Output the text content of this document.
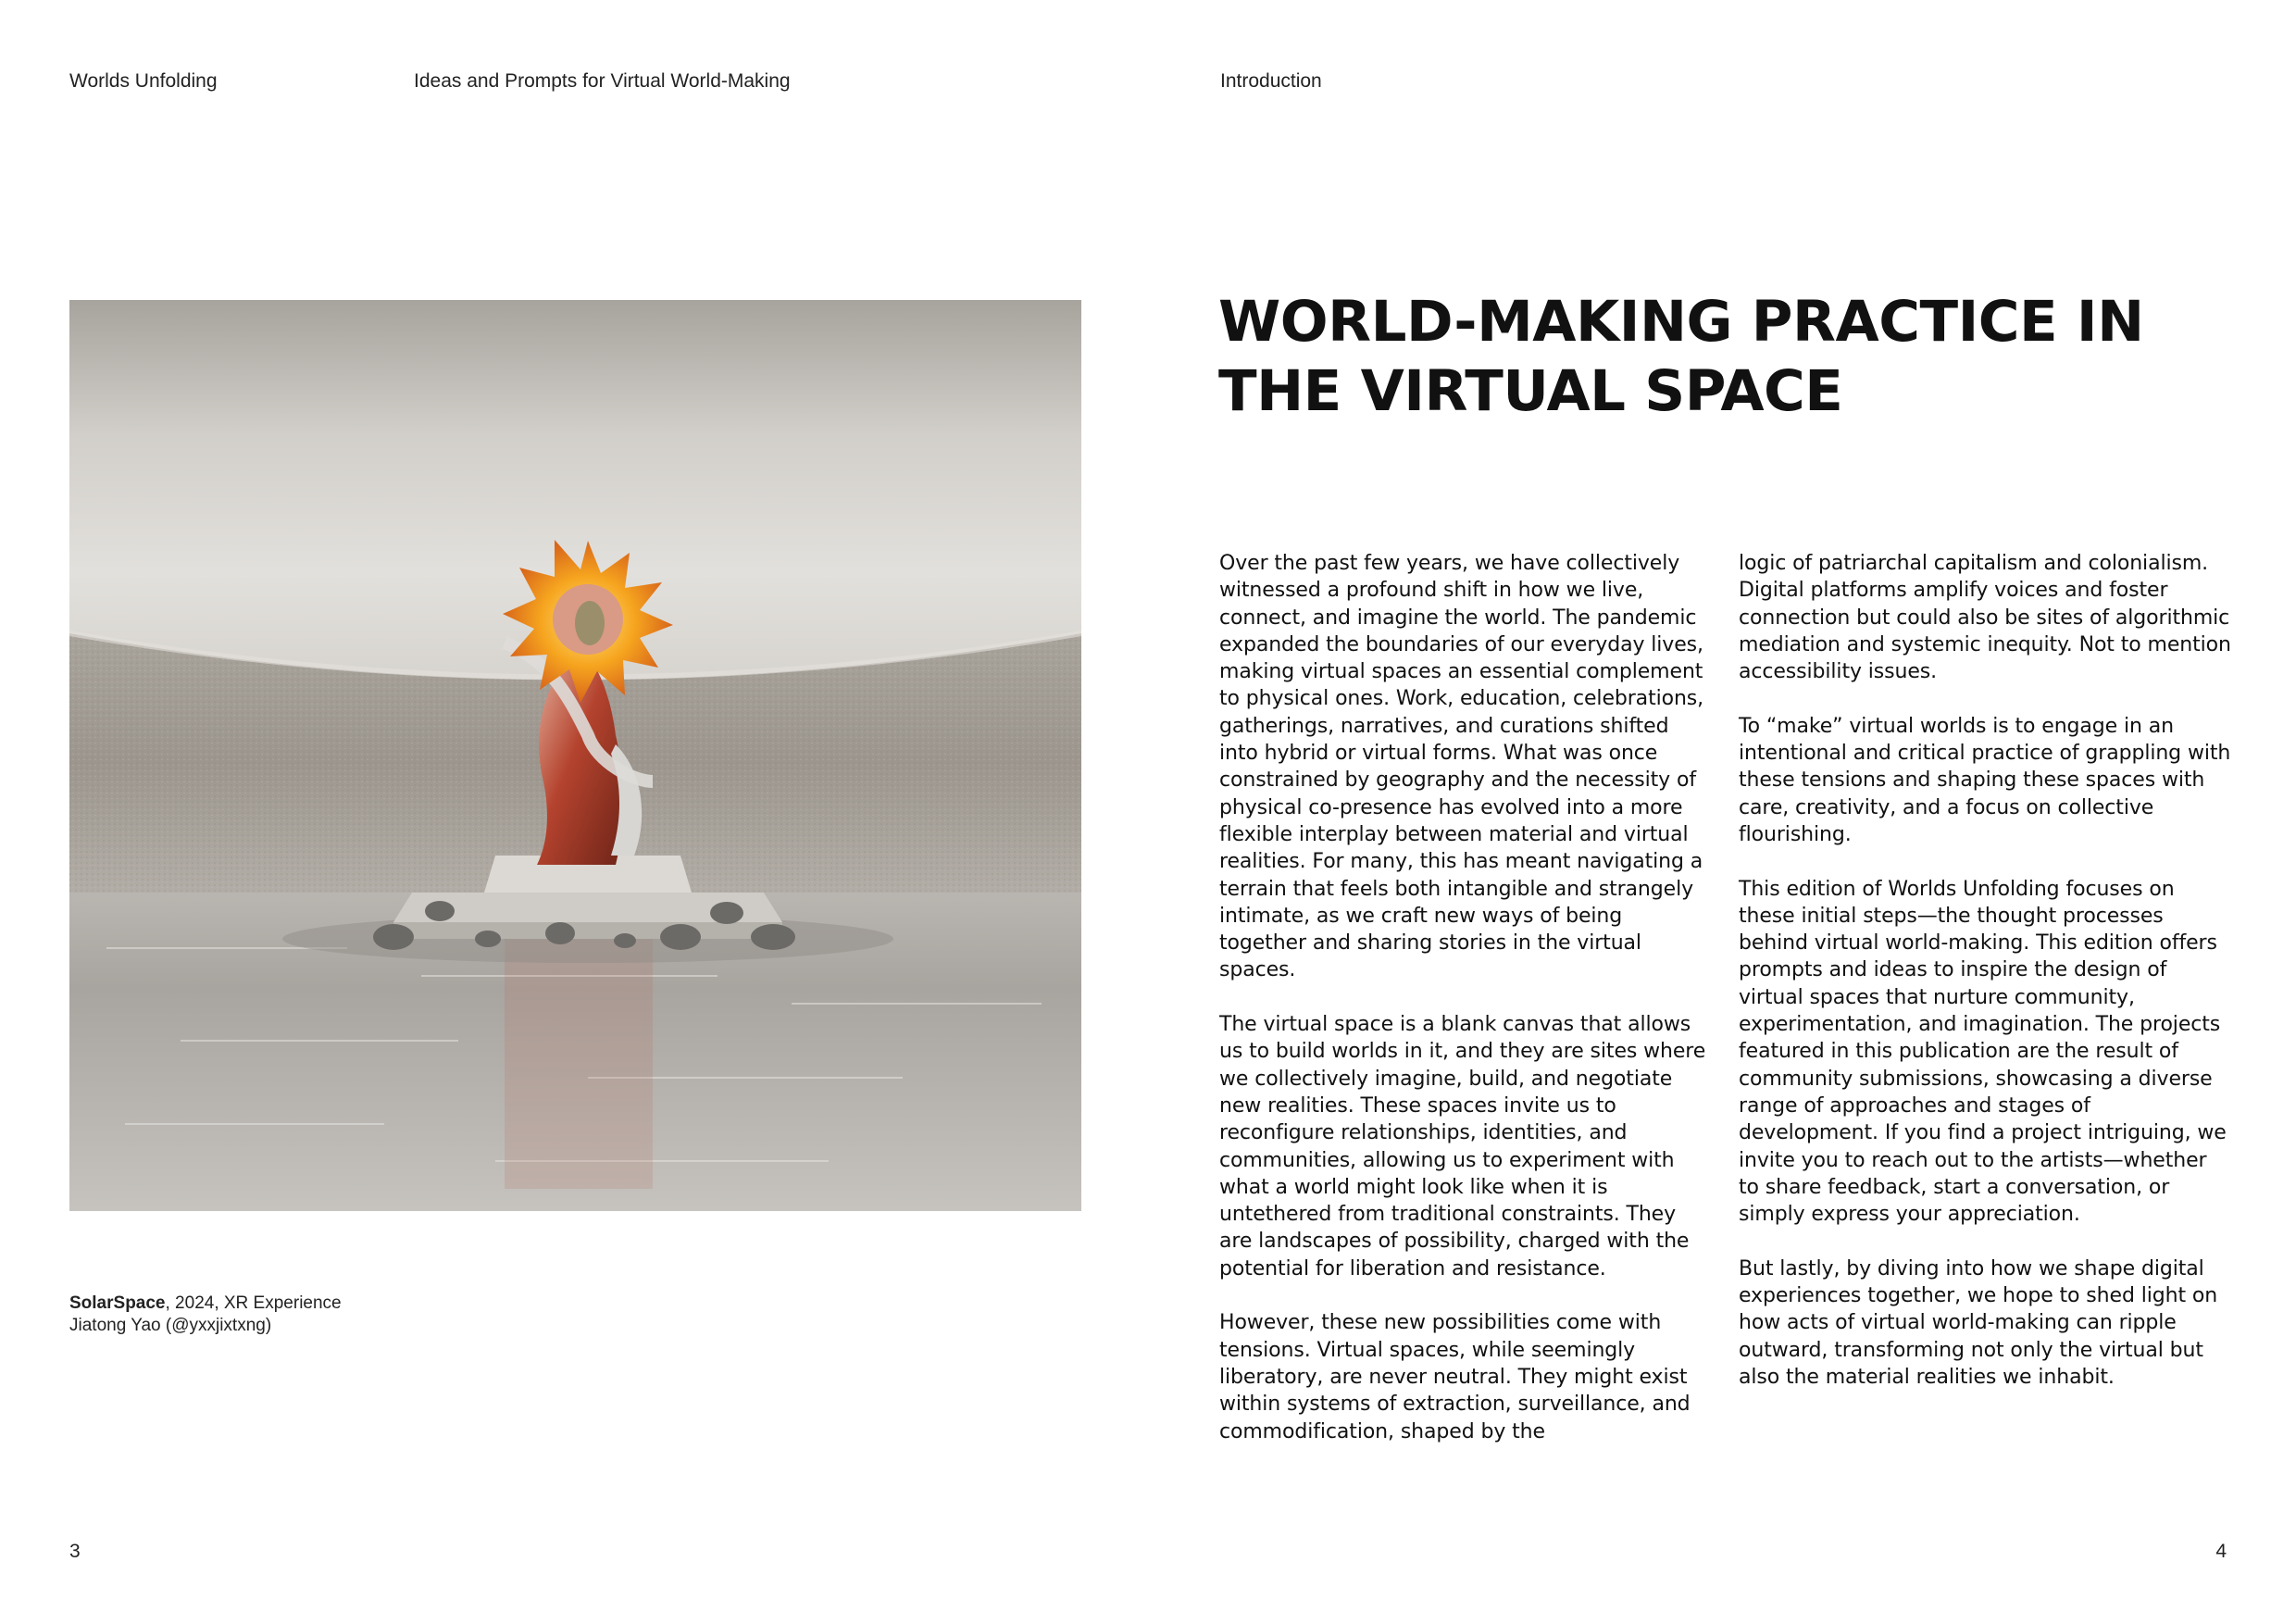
Worlds Unfolding	Ideas and Prompts for Virtual World-Making	Introduction
SolarSpace, 2024, XR Experience
Jiatong Yao (@yxxjixtxng)
WORLD-MAKING PRACTICE IN THE VIRTUAL SPACE

Over the past few years, we have collectively witnessed a profound shift in how we live, connect, and imagine the world. The pandemic expanded the boundaries of our everyday lives, making virtual spaces an essential complement to physical ones. Work, education, celebrations, gatherings, narratives, and curations shifted into hybrid or virtual forms. What was once constrained by geography and the necessity of physical co-presence has evolved into a more flexible interplay between material and virtual realities. For many, this has meant navigating a terrain that feels both intangible and strangely intimate, as we craft new ways of being together and sharing stories in the virtual spaces.

The virtual space is a blank canvas that allows us to build worlds in it, and they are sites where we collectively imagine, build, and negotiate new realities. These spaces invite us to reconfigure relationships, identities, and communities, allowing us to experiment with what a world might look like when it is untethered from traditional constraints. They are landscapes of possibility, charged with the potential for liberation and resistance.

However, these new possibilities come with tensions. Virtual spaces, while seemingly liberatory, are never neutral. They might exist within systems of extraction, surveillance, and commodification, shaped by the

logic of patriarchal capitalism and colonialism. Digital platforms amplify voices and foster connection but could also be sites of algorithmic mediation and systemic inequity. Not to mention accessibility issues.

To “make” virtual worlds is to engage in an intentional and critical practice of grappling with these tensions and shaping these spaces with care, creativity, and a focus on collective flourishing.

This edition of Worlds Unfolding focuses on these initial steps—the thought processes behind virtual world-making. This edition offers prompts and ideas to inspire the design of virtual spaces that nurture community, experimentation, and imagination. The projects featured in this publication are the result of community submissions, showcasing a diverse range of approaches and stages of development. If you find a project intriguing, we invite you to reach out to the artists—whether to share feedback, start a conversation, or simply express your appreciation.

But lastly, by diving into how we shape digital experiences together, we hope to shed light on how acts of virtual world-making can ripple outward, transforming not only the virtual but also the material realities we inhabit.

3	4
